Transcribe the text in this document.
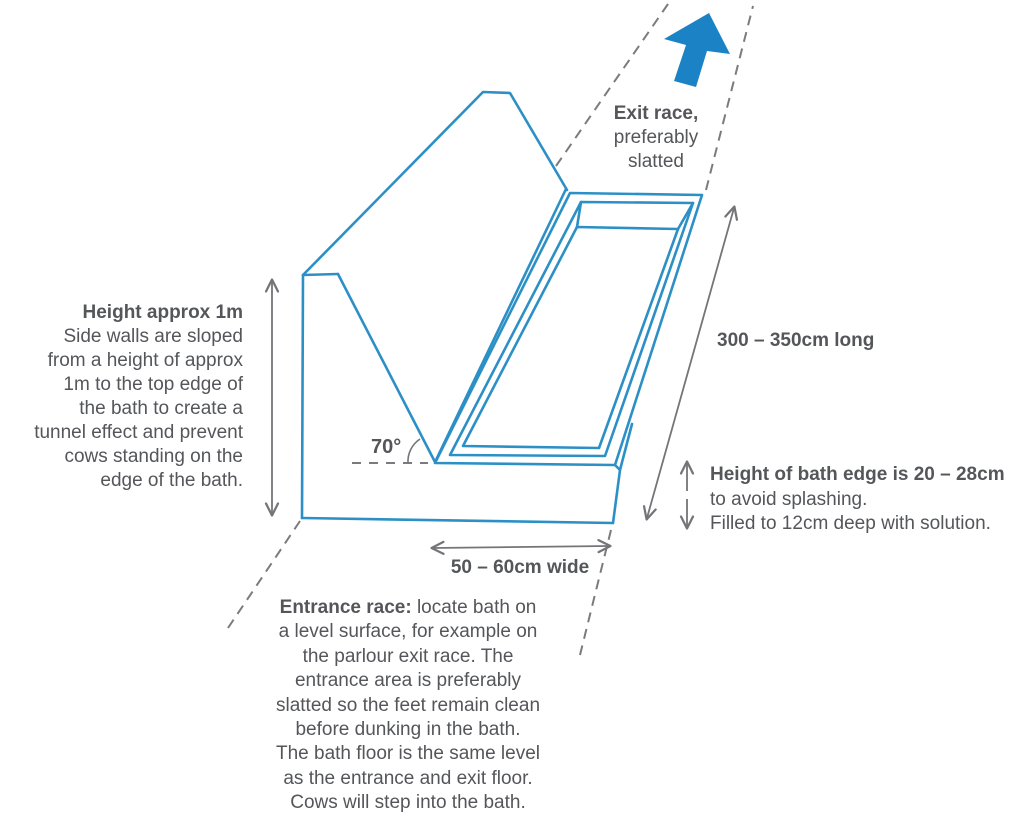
Exit race,
preferably
slatted
Height approx 1m
Side walls are sloped
from a height of approx
1m to the top edge of
the bath to create a
tunnel effect and prevent
cows standing on the
edge of the bath.
70°
300 – 350cm long
Height of bath edge is 20 – 28cm
to avoid splashing.
Filled to 12cm deep with solution.
50 – 60cm wide
Entrance race: locate bath on
a level surface, for example on
the parlour exit race. The
entrance area is preferably
slatted so the feet remain clean
before dunking in the bath.
The bath floor is the same level
as the entrance and exit floor.
Cows will step into the bath.
